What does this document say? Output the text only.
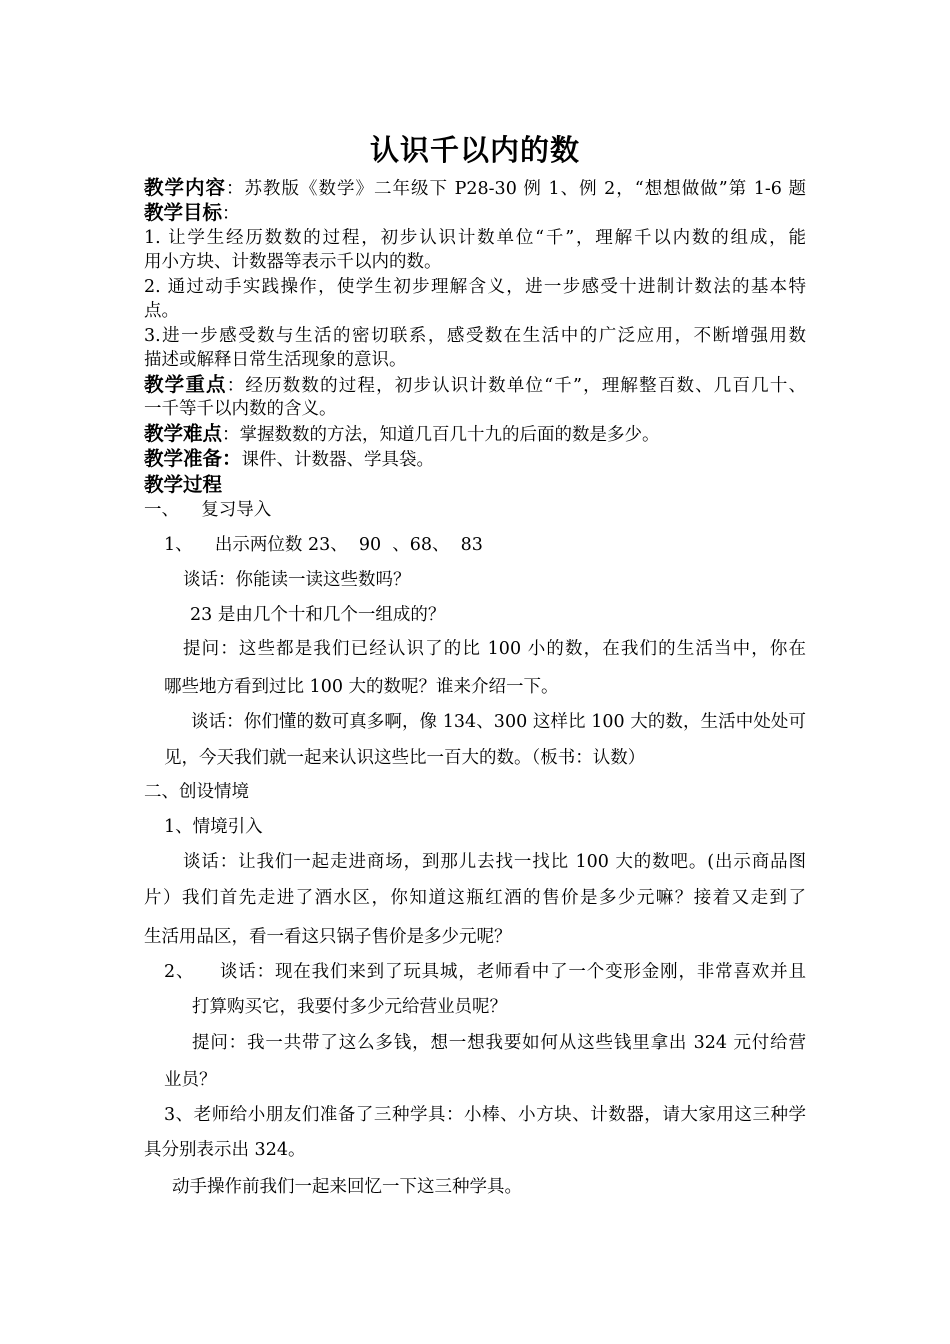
认识千以内的数
教学内容：苏教版《数学》二年级下 P28-30 例 1、例 2，“想想做做”第 1-6 题
教学目标：
1. 让学生经历数数的过程，初步认识计数单位“千”，理解千以内数的组成，能
用小方块、计数器等表示千以内的数。
2. 通过动手实践操作，使学生初步理解含义，进一步感受十进制计数法的基本特
点。
3.进一步感受数与生活的密切联系，感受数在生活中的广泛应用，不断增强用数
描述或解释日常生活现象的意识。
教学重点：经历数数的过程，初步认识计数单位“千”，理解整百数、几百几十、
一千等千以内数的含义。
教学难点：掌握数数的方法，知道几百几十九的后面的数是多少。
教学准备：课件、计数器、学具袋。
教学过程
一、    复习导入
1、    出示两位数 23、  90  、68、  83
谈话：你能读一读这些数吗？
23 是由几个十和几个一组成的？
提问：这些都是我们已经认识了的比 100 小的数，在我们的生活当中，你在
哪些地方看到过比 100 大的数呢？谁来介绍一下。
谈话：你们懂的数可真多啊，像 134、300 这样比 100 大的数，生活中处处可
见，今天我们就一起来认识这些比一百大的数。（板书：认数）
二、创设情境
1、情境引入
谈话：让我们一起走进商场，到那儿去找一找比 100 大的数吧。(出示商品图
片）我们首先走进了酒水区，你知道这瓶红酒的售价是多少元嘛？接着又走到了
生活用品区，看一看这只锅子售价是多少元呢？
2、    谈话：现在我们来到了玩具城，老师看中了一个变形金刚，非常喜欢并且
打算购买它，我要付多少元给营业员呢？
提问：我一共带了这么多钱，想一想我要如何从这些钱里拿出 324 元付给营
业员？
3、老师给小朋友们准备了三种学具：小棒、小方块、计数器，请大家用这三种学
具分别表示出 324。
动手操作前我们一起来回忆一下这三种学具。
